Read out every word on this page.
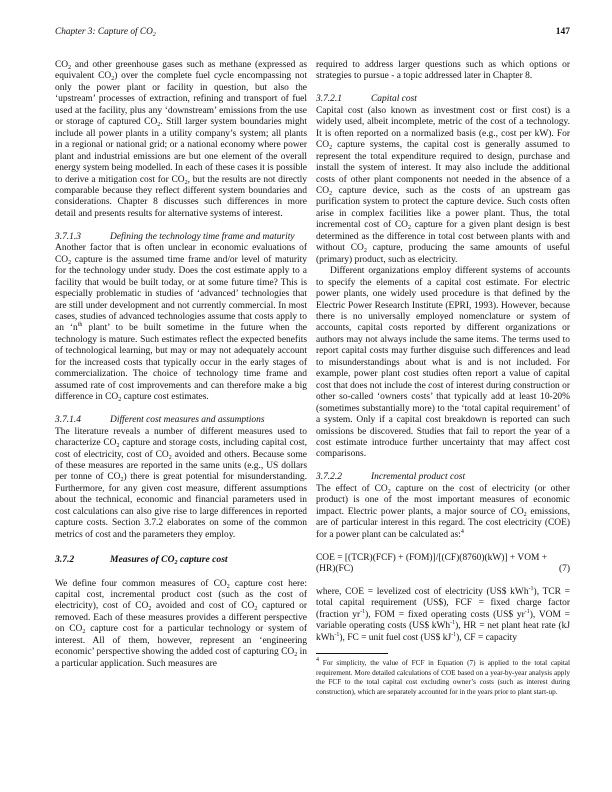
Chapter 3: Capture of $CO_2$	147

$CO_2$ and other greenhouse gases such as methane (expressed as equivalent $CO_2$) over the complete fuel cycle encompassing not only the power plant or facility in question, but also the ‘upstream’ processes of extraction, refining and transport of fuel used at the facility, plus any ‘downstream’ emissions from the use or storage of captured $CO_2$. Still larger system boundaries might include all power plants in a utility company’s system; all plants in a regional or national grid; or a national economy where power plant and industrial emissions are but one element of the overall energy system being modelled. In each of these cases it is possible to derive a mitigation cost for $CO_2$, but the results are not directly comparable because they reflect different system boundaries and considerations. Chapter 8 discusses such differences in more detail and presents results for alternative systems of interest.

3.7.1.3	Defining the technology time frame and maturity

Another factor that is often unclear in economic evaluations of $CO_2$ capture is the assumed time frame and/or level of maturity for the technology under study. Does the cost estimate apply to a facility that would be built today, or at some future time? This is especially problematic in studies of ‘advanced’ technologies that are still under development and not currently commercial. In most cases, studies of advanced technologies assume that costs apply to an ‘$n^{th}$ plant’ to be built sometime in the future when the technology is mature. Such estimates reflect the expected benefits of technological learning, but may or may not adequately account for the increased costs that typically occur in the early stages of commercialization. The choice of technology time frame and assumed rate of cost improvements and can therefore make a big difference in $CO_2$ capture cost estimates.

3.7.1.4	Different cost measures and assumptions

The literature reveals a number of different measures used to characterize $CO_2$ capture and storage costs, including capital cost, cost of electricity, cost of $CO_2$ avoided and others. Because some of these measures are reported in the same units (e.g., US dollars per tonne of $CO_2$) there is great potential for misunderstanding. Furthermore, for any given cost measure, different assumptions about the technical, economic and financial parameters used in cost calculations can also give rise to large differences in reported capture costs. Section 3.7.2 elaborates on some of the common metrics of cost and the parameters they employ.

3.7.2	Measures of $CO_2$ capture cost

We define four common measures of $CO_2$ capture cost here: capital cost, incremental product cost (such as the cost of electricity), cost of $CO_2$ avoided and cost of $CO_2$ captured or removed. Each of these measures provides a different perspective on $CO_2$ capture cost for a particular technology or system of interest. All of them, however, represent an ‘engineering economic’ perspective showing the added cost of capturing $CO_2$ in a particular application. Such measures are

required to address larger questions such as which options or strategies to pursue - a topic addressed later in Chapter 8.

3.7.2.1	Capital cost

Capital cost (also known as investment cost or first cost) is a widely used, albeit incomplete, metric of the cost of a technology. It is often reported on a normalized basis (e.g., cost per kW). For $CO_2$ capture systems, the capital cost is generally assumed to represent the total expenditure required to design, purchase and install the system of interest. It may also include the additional costs of other plant components not needed in the absence of a $CO_2$ capture device, such as the costs of an upstream gas purification system to protect the capture device. Such costs often arise in complex facilities like a power plant. Thus, the total incremental cost of $CO_2$ capture for a given plant design is best determined as the difference in total cost between plants with and without $CO_2$ capture, producing the same amounts of useful (primary) product, such as electricity.

Different organizations employ different systems of accounts to specify the elements of a capital cost estimate. For electric power plants, one widely used procedure is that defined by the Electric Power Research Institute (EPRI, 1993). However, because there is no universally employed nomenclature or system of accounts, capital costs reported by different organizations or authors may not always include the same items. The terms used to report capital costs may further disguise such differences and lead to misunderstandings about what is and is not included. For example, power plant cost studies often report a value of capital cost that does not include the cost of interest during construction or other so-called ‘owners costs’ that typically add at least 10-20% (sometimes substantially more) to the ‘total capital requirement’ of a system. Only if a capital cost breakdown is reported can such omissions be discovered. Studies that fail to report the year of a cost estimate introduce further uncertainty that may affect cost comparisons.

3.7.2.2	Incremental product cost

The effect of $CO_2$ capture on the cost of electricity (or other product) is one of the most important measures of economic impact. Electric power plants, a major source of $CO_2$ emissions, are of particular interest in this regard. The cost electricity (COE) for a power plant can be calculated as:$^4$

COE = [(TCR)(FCF) + (FOM)]/[(CF)(8760)(kW)] + VOM +
(HR)(FC)	(7)

where, COE = levelized cost of electricity (US$ kWh$^{-1}$), TCR = total capital requirement (US$), FCF = fixed charge factor (fraction $yr^{-1}$), FOM = fixed operating costs (US$ $yr^{-1}$), VOM = variable operating costs (US$ kWh$^{-1}$), HR = net plant heat rate (kJ kWh$^{-1}$), FC = unit fuel cost (US$ $kJ^{-1}$), CF = capacity

$^4$ For simplicity, the value of FCF in Equation (7) is applied to the total capital requirement. More detailed calculations of COE based on a year-by-year analysis apply the FCF to the total capital cost excluding owner’s costs (such as interest during construction), which are separately accounted for in the years prior to plant start-up.
